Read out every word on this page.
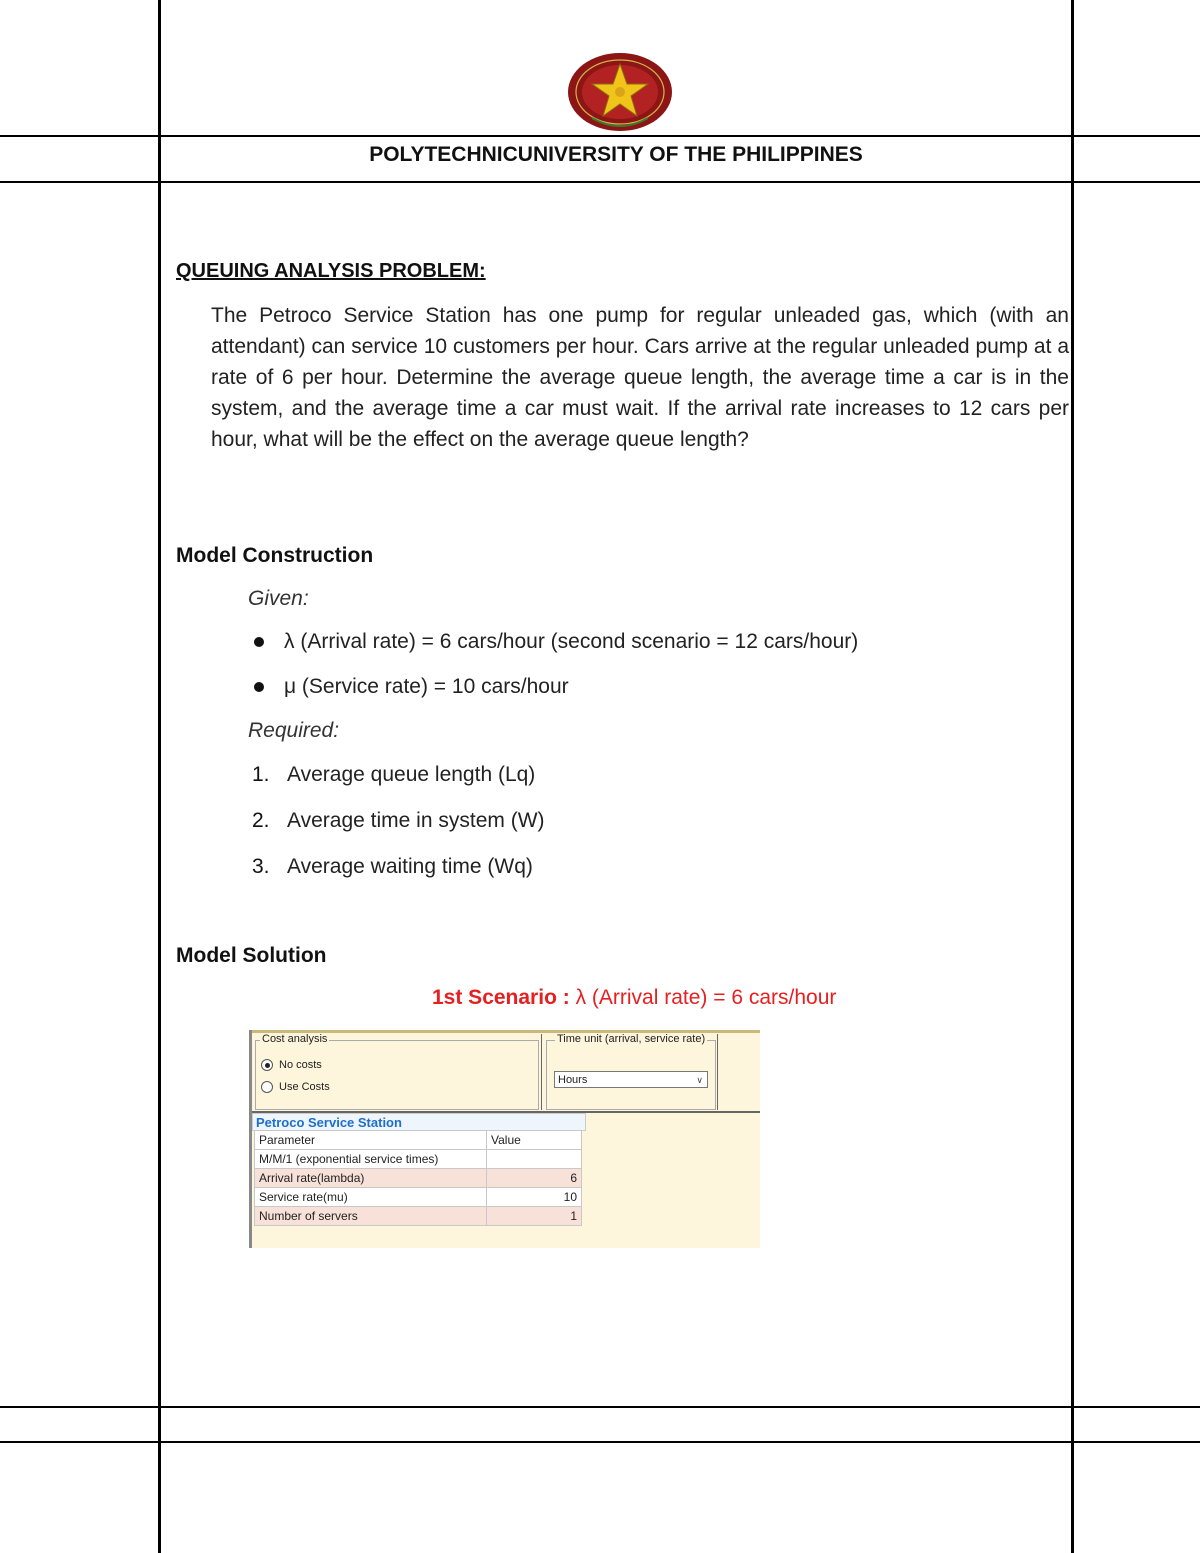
POLYTECHNICUNIVERSITY OF THE PHILIPPINES
QUEUING ANALYSIS PROBLEM:

The Petroco Service Station has one pump for regular unleaded gas, which (with an attendant) can service 10 customers per hour. Cars arrive at the regular unleaded pump at a rate of 6 per hour. Determine the average queue length, the average time a car is in the system, and the average time a car must wait. If the arrival rate increases to 12 cars per hour, what will be the effect on the average queue length?

Model Construction
Given:
λ (Arrival rate) = 6 cars/hour (second scenario = 12 cars/hour)
μ (Service rate) = 10 cars/hour
Required:
1. Average queue length (Lq)
2. Average time in system (W)
3. Average waiting time (Wq)
Model Solution
1st Scenario : λ (Arrival rate) = 6 cars/hour
Cost analysis
No costs
Use Costs
Time unit (arrival, service rate)
Hours	∨
Petroco Service Station
Parameter	Value
M/M/1 (exponential service times)	
Arrival rate(lambda)	6
Service rate(mu)	10
Number of servers	1
